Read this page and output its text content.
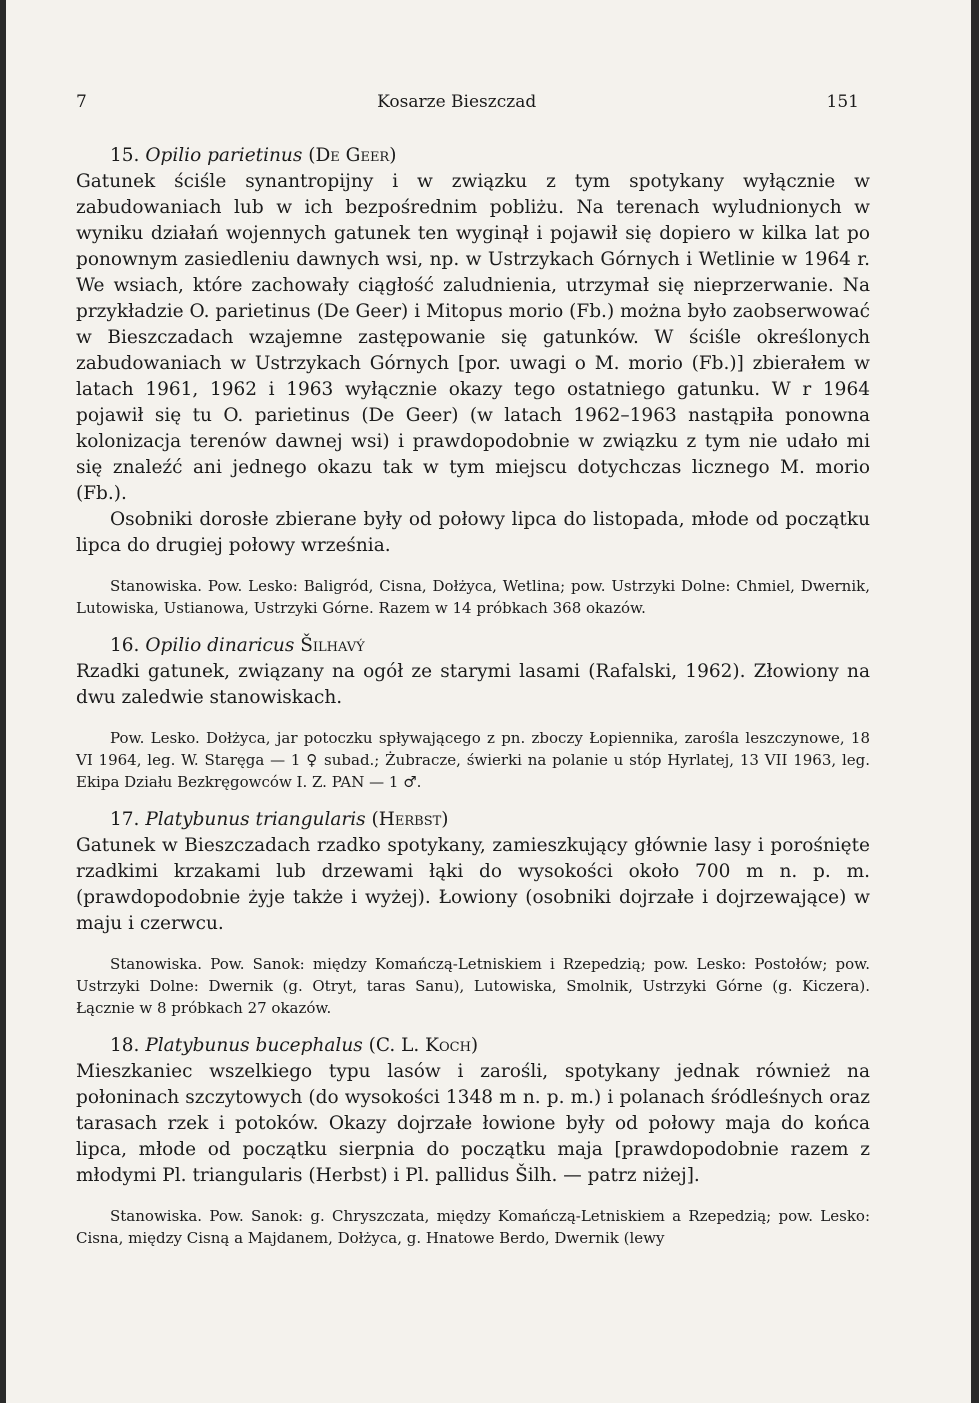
7	Kosarze Bieszczad	151

15. Opilio parietinus (De Geer)

Gatunek ściśle synantropijny i w związku z tym spotykany wyłącznie w zabudowaniach lub w ich bezpośrednim pobliżu. Na terenach wyludnionych w wyniku działań wojennych gatunek ten wyginął i pojawił się dopiero w kilka lat po ponownym zasiedleniu dawnych wsi, np. w Ustrzykach Górnych i Wetlinie w 1964 r. We wsiach, które zachowały ciągłość zaludnienia, utrzymał się nieprzerwanie. Na przykładzie O. parietinus (De Geer) i Mitopus morio (Fb.) można było zaobserwować w Bieszczadach wzajemne zastępowanie się gatunków. W ściśle określonych zabudowaniach w Ustrzykach Górnych [por. uwagi o M. morio (Fb.)] zbierałem w latach 1961, 1962 i 1963 wyłącznie okazy tego ostatniego gatunku. W r 1964 pojawił się tu O. parietinus (De Geer) (w latach 1962–1963 nastąpiła ponowna kolonizacja terenów dawnej wsi) i prawdopodobnie w związku z tym nie udało mi się znaleźć ani jednego okazu tak w tym miejscu dotychczas licznego M. morio (Fb.).

Osobniki dorosłe zbierane były od połowy lipca do listopada, młode od początku lipca do drugiej połowy września.

Stanowiska. Pow. Lesko: Baligród, Cisna, Dołżyca, Wetlina; pow. Ustrzyki Dolne: Chmiel, Dwernik, Lutowiska, Ustianowa, Ustrzyki Górne. Razem w 14 próbkach 368 okazów.

16. Opilio dinaricus Šilhavý

Rzadki gatunek, związany na ogół ze starymi lasami (Rafalski, 1962). Złowiony na dwu zaledwie stanowiskach.

Pow. Lesko. Dołżyca, jar potoczku spływającego z pn. zboczy Łopiennika, zarośla leszczynowe, 18 VI 1964, leg. W. Staręga — 1 ♀ subad.; Żubracze, świerki na polanie u stóp Hyrlatej, 13 VII 1963, leg. Ekipa Działu Bezkręgowców I. Z. PAN — 1 ♂.

17. Platybunus triangularis (Herbst)

Gatunek w Bieszczadach rzadko spotykany, zamieszkujący głównie lasy i porośnięte rzadkimi krzakami lub drzewami łąki do wysokości około 700 m n. p. m. (prawdopodobnie żyje także i wyżej). Łowiony (osobniki dojrzałe i dojrzewające) w maju i czerwcu.

Stanowiska. Pow. Sanok: między Komańczą-Letniskiem i Rzepedzią; pow. Lesko: Postołów; pow. Ustrzyki Dolne: Dwernik (g. Otryt, taras Sanu), Lutowiska, Smolnik, Ustrzyki Górne (g. Kiczera). Łącznie w 8 próbkach 27 okazów.

18. Platybunus bucephalus (C. L. Koch)

Mieszkaniec wszelkiego typu lasów i zarośli, spotykany jednak również na połoninach szczytowych (do wysokości 1348 m n. p. m.) i polanach śródleśnych oraz tarasach rzek i potoków. Okazy dojrzałe łowione były od połowy maja do końca lipca, młode od początku sierpnia do początku maja [prawdopodobnie razem z młodymi Pl. triangularis (Herbst) i Pl. pallidus Šilh. — patrz niżej].

Stanowiska. Pow. Sanok: g. Chryszczata, między Komańczą-Letniskiem a Rzepedzią; pow. Lesko: Cisna, między Cisną a Majdanem, Dołżyca, g. Hnatowe Berdo, Dwernik (lewy
